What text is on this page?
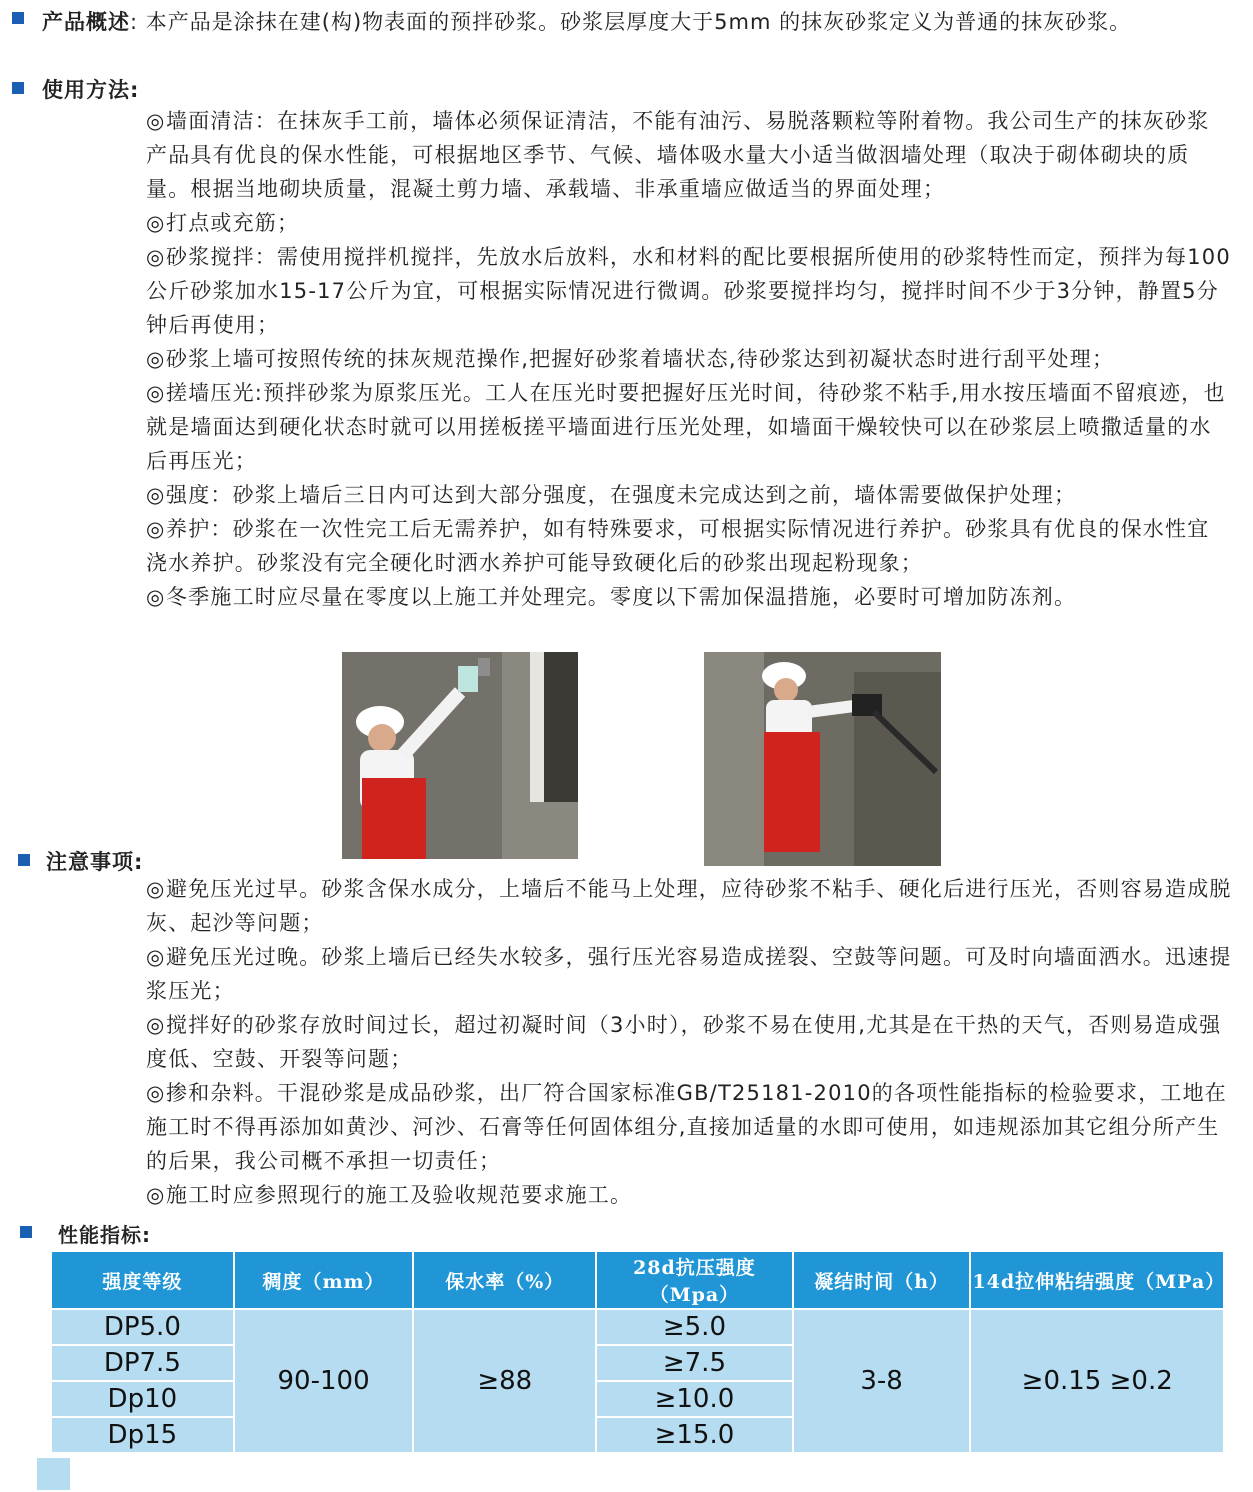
产品概述: 本产品是涂抹在建(构)物表面的预拌砂浆。砂浆层厚度大于5mm 的抹灰砂浆定义为普通的抹灰砂浆。
使用方法:
◎墙面清洁：在抹灰手工前，墙体必须保证清洁，不能有油污、易脱落颗粒等附着物。我公司生产的抹灰砂浆产品具有优良的保水性能，可根据地区季节、气候、墙体吸水量大小适当做洇墙处理（取决于砌体砌块的质量。根据当地砌块质量，混凝土剪力墙、承载墙、非承重墙应做适当的界面处理；
◎打点或充筋；
◎砂浆搅拌：需使用搅拌机搅拌，先放水后放料，水和材料的配比要根据所使用的砂浆特性而定，预拌为每100公斤砂浆加水15-17公斤为宜，可根据实际情况进行微调。砂浆要搅拌均匀，搅拌时间不少于3分钟，静置5分钟后再使用；
◎砂浆上墙可按照传统的抹灰规范操作,把握好砂浆着墙状态,待砂浆达到初凝状态时进行刮平处理；
◎搓墙压光:预拌砂浆为原浆压光。工人在压光时要把握好压光时间，待砂浆不粘手,用水按压墙面不留痕迹，也就是墙面达到硬化状态时就可以用搓板搓平墙面进行压光处理，如墙面干燥较快可以在砂浆层上喷撒适量的水后再压光；
◎强度：砂浆上墙后三日内可达到大部分强度，在强度未完成达到之前，墙体需要做保护处理；
◎养护：砂浆在一次性完工后无需养护，如有特殊要求，可根据实际情况进行养护。砂浆具有优良的保水性宜浇水养护。砂浆没有完全硬化时洒水养护可能导致硬化后的砂浆出现起粉现象；
◎冬季施工时应尽量在零度以上施工并处理完。零度以下需加保温措施，必要时可增加防冻剂。
注意事项:
◎避免压光过早。砂浆含保水成分，上墙后不能马上处理，应待砂浆不粘手、硬化后进行压光，否则容易造成脱灰、起沙等问题；
◎避免压光过晚。砂浆上墙后已经失水较多，强行压光容易造成搓裂、空鼓等问题。可及时向墙面洒水。迅速提浆压光；
◎搅拌好的砂浆存放时间过长，超过初凝时间（3小时），砂浆不易在使用,尤其是在干热的天气，否则易造成强度低、空鼓、开裂等问题；
◎掺和杂料。干混砂浆是成品砂浆，出厂符合国家标准GB/T25181-2010的各项性能指标的检验要求，工地在施工时不得再添加如黄沙、河沙、石膏等任何固体组分,直接加适量的水即可使用，如违规添加其它组分所产生的后果，我公司概不承担一切责任；
◎施工时应参照现行的施工及验收规范要求施工。
性能指标:
强度等级	稠度（mm）	保水率（%）	28d抗压强度（Mpa）	凝结时间（h）	14d拉伸粘结强度（MPa）
DP5.0	90-100	≥88	≥5.0	3-8	≥0.15 ≥0.2
DP7.5			≥7.5		
Dp10			≥10.0		
Dp15			≥15.0		
